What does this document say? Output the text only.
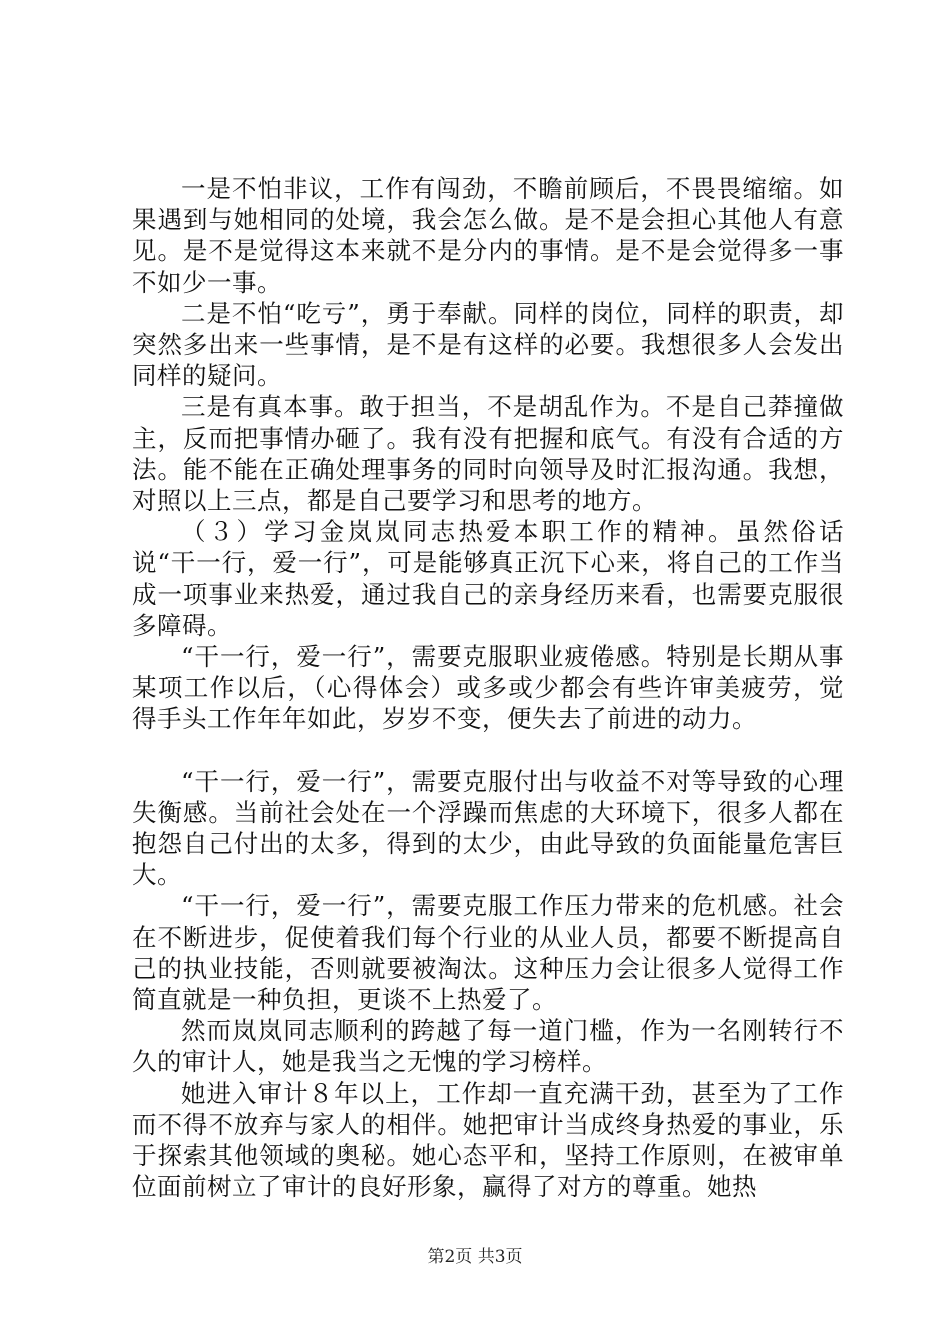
一是不怕非议，工作有闯劲，不瞻前顾后，不畏畏缩缩。如果遇到与她相同的处境，我会怎么做。是不是会担心其他人有意见。是不是觉得这本来就不是分内的事情。是不是会觉得多一事不如少一事。

二是不怕“吃亏”，勇于奉献。同样的岗位，同样的职责，却突然多出来一些事情，是不是有这样的必要。我想很多人会发出同样的疑问。

三是有真本事。敢于担当，不是胡乱作为。不是自己莽撞做主，反而把事情办砸了。我有没有把握和底气。有没有合适的方法。能不能在正确处理事务的同时向领导及时汇报沟通。我想，对照以上三点，都是自己要学习和思考的地方。

（３）学习金岚岚同志热爱本职工作的精神。虽然俗话说“干一行，爱一行”，可是能够真正沉下心来，将自己的工作当成一项事业来热爱，通过我自己的亲身经历来看，也需要克服很多障碍。

“干一行，爱一行”，需要克服职业疲倦感。特别是长期从事某项工作以后，（心得体会）或多或少都会有些许审美疲劳，觉得手头工作年年如此，岁岁不变，便失去了前进的动力。

“干一行，爱一行”，需要克服付出与收益不对等导致的心理失衡感。当前社会处在一个浮躁而焦虑的大环境下，很多人都在抱怨自己付出的太多，得到的太少，由此导致的负面能量危害巨大。

“干一行，爱一行”，需要克服工作压力带来的危机感。社会在不断进步，促使着我们每个行业的从业人员，都要不断提高自己的执业技能，否则就要被淘汰。这种压力会让很多人觉得工作简直就是一种负担，更谈不上热爱了。

然而岚岚同志顺利的跨越了每一道门槛，作为一名刚转行不久的审计人，她是我当之无愧的学习榜样。

她进入审计８年以上，工作却一直充满干劲，甚至为了工作而不得不放弃与家人的相伴。她把审计当成终身热爱的事业，乐于探索其他领域的奥秘。她心态平和，坚持工作原则，在被审单位面前树立了审计的良好形象，赢得了对方的尊重。她热

第2页 共3页
